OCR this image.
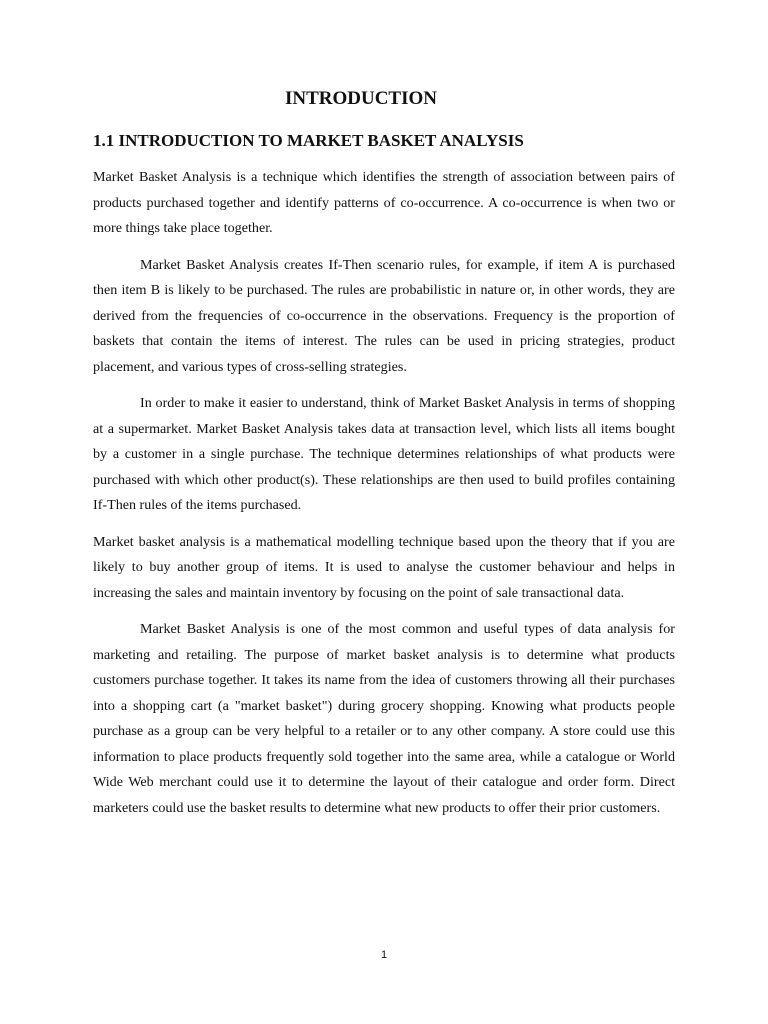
INTRODUCTION
1.1 INTRODUCTION TO MARKET BASKET ANALYSIS

Market Basket Analysis is a technique which identifies the strength of association between pairs of products purchased together and identify patterns of co-occurrence. A co-occurrence is when two or more things take place together.

Market Basket Analysis creates If-Then scenario rules, for example, if item A is purchased then item B is likely to be purchased. The rules are probabilistic in nature or, in other words, they are derived from the frequencies of co-occurrence in the observations. Frequency is the proportion of baskets that contain the items of interest. The rules can be used in pricing strategies, product placement, and various types of cross-selling strategies.

In order to make it easier to understand, think of Market Basket Analysis in terms of shopping at a supermarket. Market Basket Analysis takes data at transaction level, which lists all items bought by a customer in a single purchase. The technique determines relationships of what products were purchased with which other product(s). These relationships are then used to build profiles containing If-Then rules of the items purchased.

Market basket analysis is a mathematical modelling technique based upon the theory that if you are likely to buy another group of items. It is used to analyse the customer behaviour and helps in increasing the sales and maintain inventory by focusing on the point of sale transactional data.

Market Basket Analysis is one of the most common and useful types of data analysis for marketing and retailing. The purpose of market basket analysis is to determine what products customers purchase together. It takes its name from the idea of customers throwing all their purchases into a shopping cart (a "market basket") during grocery shopping. Knowing what products people purchase as a group can be very helpful to a retailer or to any other company. A store could use this information to place products frequently sold together into the same area, while a catalogue or World Wide Web merchant could use it to determine the layout of their catalogue and order form. Direct marketers could use the basket results to determine what new products to offer their prior customers.

1
